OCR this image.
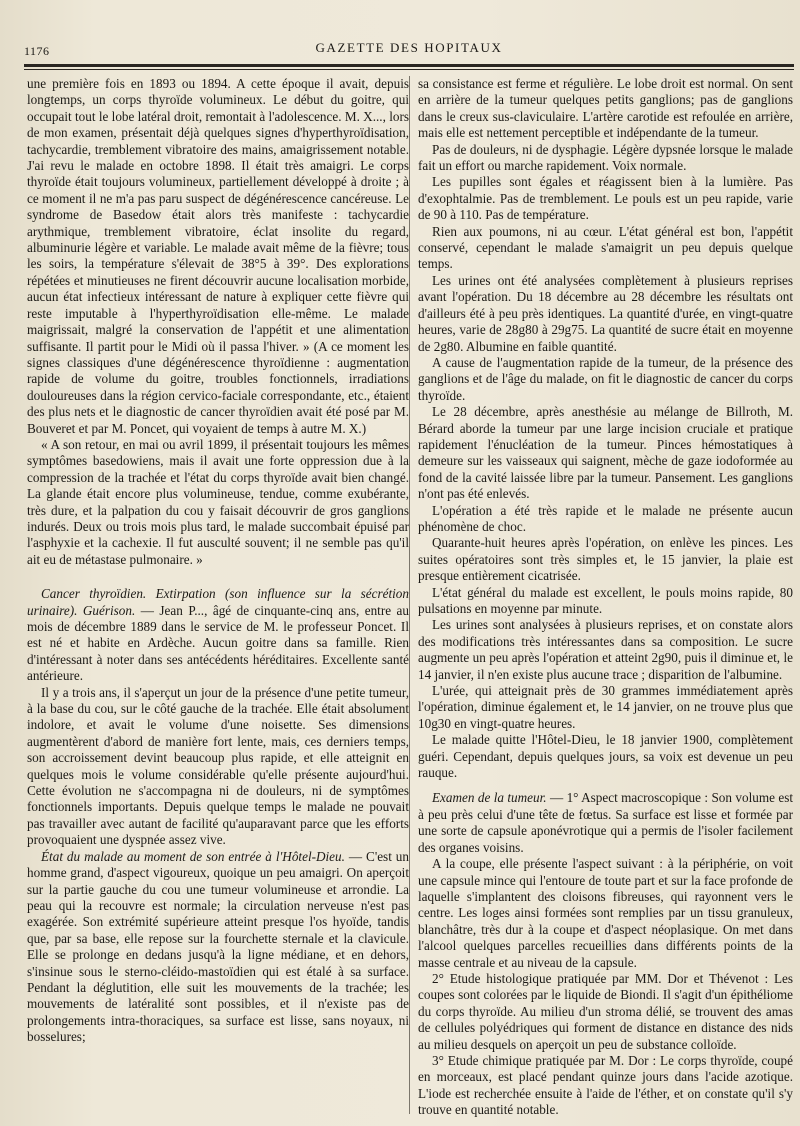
1176	GAZETTE DES HOPITAUX

une première fois en 1893 ou 1894. A cette époque il avait, depuis longtemps, un corps thyroïde volumineux. Le début du goitre, qui occupait tout le lobe latéral droit, remontait à l'adolescence. M. X..., lors de mon examen, présentait déjà quelques signes d'hyperthyroïdisation, tachycardie, tremblement vibratoire des mains, amaigrissement notable. J'ai revu le malade en octobre 1898. Il était très amaigri. Le corps thyroïde était toujours volumineux, partiellement développé à droite ; à ce moment il ne m'a pas paru suspect de dégénérescence cancéreuse. Le syndrome de Basedow était alors très manifeste : tachycardie arythmique, tremblement vibratoire, éclat insolite du regard, albuminurie légère et variable. Le malade avait même de la fièvre; tous les soirs, la température s'élevait de 38°5 à 39°. Des explorations répétées et minutieuses ne firent découvrir aucune localisation morbide, aucun état infectieux intéressant de nature à expliquer cette fièvre qui reste imputable à l'hyperthyroïdisation elle-même. Le malade maigrissait, malgré la conservation de l'appétit et une alimentation suffisante. Il partit pour le Midi où il passa l'hiver. » (A ce moment les signes classiques d'une dégénérescence thyroïdienne : augmentation rapide de volume du goitre, troubles fonctionnels, irradiations douloureuses dans la région cervico-faciale correspondante, etc., étaient des plus nets et le diagnostic de cancer thyroïdien avait été posé par M. Bouveret et par M. Poncet, qui voyaient de temps à autre M. X.)

« A son retour, en mai ou avril 1899, il présentait toujours les mêmes symptômes basedowiens, mais il avait une forte oppression due à la compression de la trachée et l'état du corps thyroïde avait bien changé. La glande était encore plus volumineuse, tendue, comme exubérante, très dure, et la palpation du cou y faisait découvrir de gros ganglions indurés. Deux ou trois mois plus tard, le malade succombait épuisé par l'asphyxie et la cachexie. Il fut ausculté souvent; il ne semble pas qu'il ait eu de métastase pulmonaire. »

Cancer thyroïdien. Extirpation (son influence sur la sécrétion urinaire). Guérison. — Jean P..., âgé de cinquante-cinq ans, entre au mois de décembre 1889 dans le service de M. le professeur Poncet. Il est né et habite en Ardèche. Aucun goitre dans sa famille. Rien d'intéressant à noter dans ses antécédents héréditaires. Excellente santé antérieure.

Il y a trois ans, il s'aperçut un jour de la présence d'une petite tumeur, à la base du cou, sur le côté gauche de la trachée. Elle était absolument indolore, et avait le volume d'une noisette. Ses dimensions augmentèrent d'abord de manière fort lente, mais, ces derniers temps, son accroissement devint beaucoup plus rapide, et elle atteignit en quelques mois le volume considérable qu'elle présente aujourd'hui. Cette évolution ne s'accompagna ni de douleurs, ni de symptômes fonctionnels importants. Depuis quelque temps le malade ne pouvait pas travailler avec autant de facilité qu'auparavant parce que les efforts provoquaient une dyspnée assez vive.

État du malade au moment de son entrée à l'Hôtel-Dieu. — C'est un homme grand, d'aspect vigoureux, quoique un peu amaigri. On aperçoit sur la partie gauche du cou une tumeur volumineuse et arrondie. La peau qui la recouvre est normale; la circulation nerveuse n'est pas exagérée. Son extrémité supérieure atteint presque l'os hyoïde, tandis que, par sa base, elle repose sur la fourchette sternale et la clavicule. Elle se prolonge en dedans jusqu'à la ligne médiane, et en dehors, s'insinue sous le sterno-cléido-mastoïdien qui est étalé à sa surface. Pendant la déglutition, elle suit les mouvements de la trachée; les mouvements de latéralité sont possibles, et il n'existe pas de prolongements intra-thoraciques, sa surface est lisse, sans noyaux, ni bosselures;

sa consistance est ferme et régulière. Le lobe droit est normal. On sent en arrière de la tumeur quelques petits ganglions; pas de ganglions dans le creux sus-claviculaire. L'artère carotide est refoulée en arrière, mais elle est nettement perceptible et indépendante de la tumeur.

Pas de douleurs, ni de dysphagie. Légère dypsnée lorsque le malade fait un effort ou marche rapidement. Voix normale.

Les pupilles sont égales et réagissent bien à la lumière. Pas d'exophtalmie. Pas de tremblement. Le pouls est un peu rapide, varie de 90 à 110. Pas de température.

Rien aux poumons, ni au cœur. L'état général est bon, l'appétit conservé, cependant le malade s'amaigrit un peu depuis quelque temps.

Les urines ont été analysées complètement à plusieurs reprises avant l'opération. Du 18 décembre au 28 décembre les résultats ont d'ailleurs été à peu près identiques. La quantité d'urée, en vingt-quatre heures, varie de 28g80 à 29g75. La quantité de sucre était en moyenne de 2g80. Albumine en faible quantité.

A cause de l'augmentation rapide de la tumeur, de la présence des ganglions et de l'âge du malade, on fit le diagnostic de cancer du corps thyroïde.

Le 28 décembre, après anesthésie au mélange de Billroth, M. Bérard aborde la tumeur par une large incision cruciale et pratique rapidement l'énucléation de la tumeur. Pinces hémostatiques à demeure sur les vaisseaux qui saignent, mèche de gaze iodoformée au fond de la cavité laissée libre par la tumeur. Pansement. Les ganglions n'ont pas été enlevés.

L'opération a été très rapide et le malade ne présente aucun phénomène de choc.

Quarante-huit heures après l'opération, on enlève les pinces. Les suites opératoires sont très simples et, le 15 janvier, la plaie est presque entièrement cicatrisée.

L'état général du malade est excellent, le pouls moins rapide, 80 pulsations en moyenne par minute.

Les urines sont analysées à plusieurs reprises, et on constate alors des modifications très intéressantes dans sa composition. Le sucre augmente un peu après l'opération et atteint 2g90, puis il diminue et, le 14 janvier, il n'en existe plus aucune trace ; disparition de l'albumine.

L'urée, qui atteignait près de 30 grammes immédiatement après l'opération, diminue également et, le 14 janvier, on ne trouve plus que 10g30 en vingt-quatre heures.

Le malade quitte l'Hôtel-Dieu, le 18 janvier 1900, complètement guéri. Cependant, depuis quelques jours, sa voix est devenue un peu rauque.

Examen de la tumeur. — 1° Aspect macroscopique : Son volume est à peu près celui d'une tête de fœtus. Sa surface est lisse et formée par une sorte de capsule aponévrotique qui a permis de l'isoler facilement des organes voisins.

A la coupe, elle présente l'aspect suivant : à la périphérie, on voit une capsule mince qui l'entoure de toute part et sur la face profonde de laquelle s'implantent des cloisons fibreuses, qui rayonnent vers le centre. Les loges ainsi formées sont remplies par un tissu granuleux, blanchâtre, très dur à la coupe et d'aspect néoplasique. On met dans l'alcool quelques parcelles recueillies dans différents points de la masse centrale et au niveau de la capsule.

2° Etude histologique pratiquée par MM. Dor et Thévenot : Les coupes sont colorées par le liquide de Biondi. Il s'agit d'un épithéliome du corps thyroïde. Au milieu d'un stroma délié, se trouvent des amas de cellules polyédriques qui forment de distance en distance des nids au milieu desquels on aperçoit un peu de substance colloïde.

3° Etude chimique pratiquée par M. Dor : Le corps thyroïde, coupé en morceaux, est placé pendant quinze jours dans l'acide azotique. L'iode est recherchée ensuite à l'aide de l'éther, et on constate qu'il s'y trouve en quantité notable.
